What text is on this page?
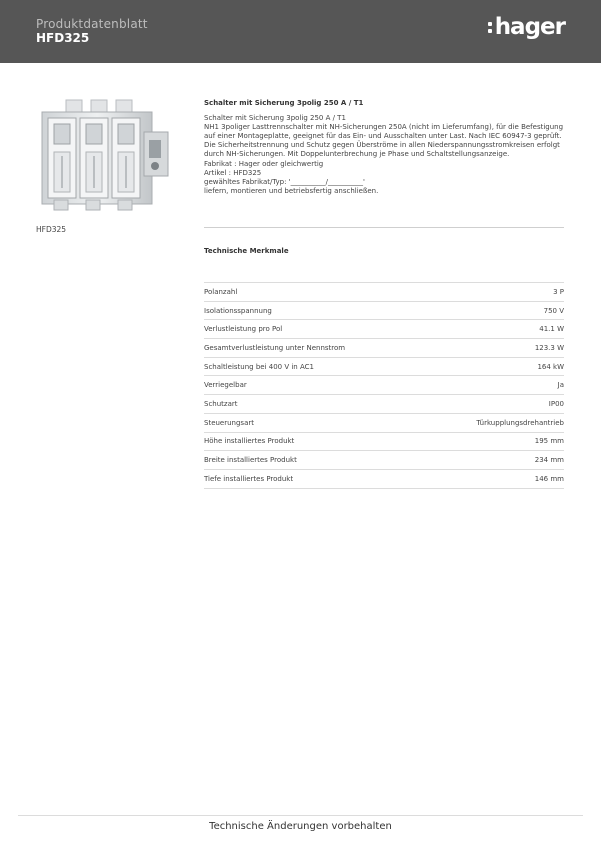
Produktdatenblatt
HFD325	hager
HFD325
Schalter mit Sicherung 3polig 250 A / T1

Schalter mit Sicherung 3polig 250 A / T1

NH1 3poliger Lasttrennschalter mit NH-Sicherungen 250A (nicht im Lieferumfang), für die Befestigung auf einer Montageplatte, geeignet für das Ein- und Ausschalten unter Last. Nach IEC 60947-3 geprüft. Die Sicherheitstrennung und Schutz gegen Überströme in allen Niederspannungsstromkreisen erfolgt durch NH-Sicherungen. Mit Doppelunterbrechung je Phase und Schaltstellungsanzeige.

Fabrikat : Hager oder gleichwertig

Artikel : HFD325

gewähltes Fabrikat/Typ: '__________/__________'

liefern, montieren und betriebsfertig anschließen.

Technische Merkmale
Polanzahl	3 P
Isolationsspannung	750 V
Verlustleistung pro Pol	41.1 W
Gesamtverlustleistung unter Nennstrom	123.3 W
Schaltleistung bei 400 V in AC1	164 kW
Verriegelbar	Ja
Schutzart	IP00
Steuerungsart	Türkupplungsdrehantrieb
Höhe installiertes Produkt	195 mm
Breite installiertes Produkt	234 mm
Tiefe installiertes Produkt	146 mm
Technische Änderungen vorbehalten
